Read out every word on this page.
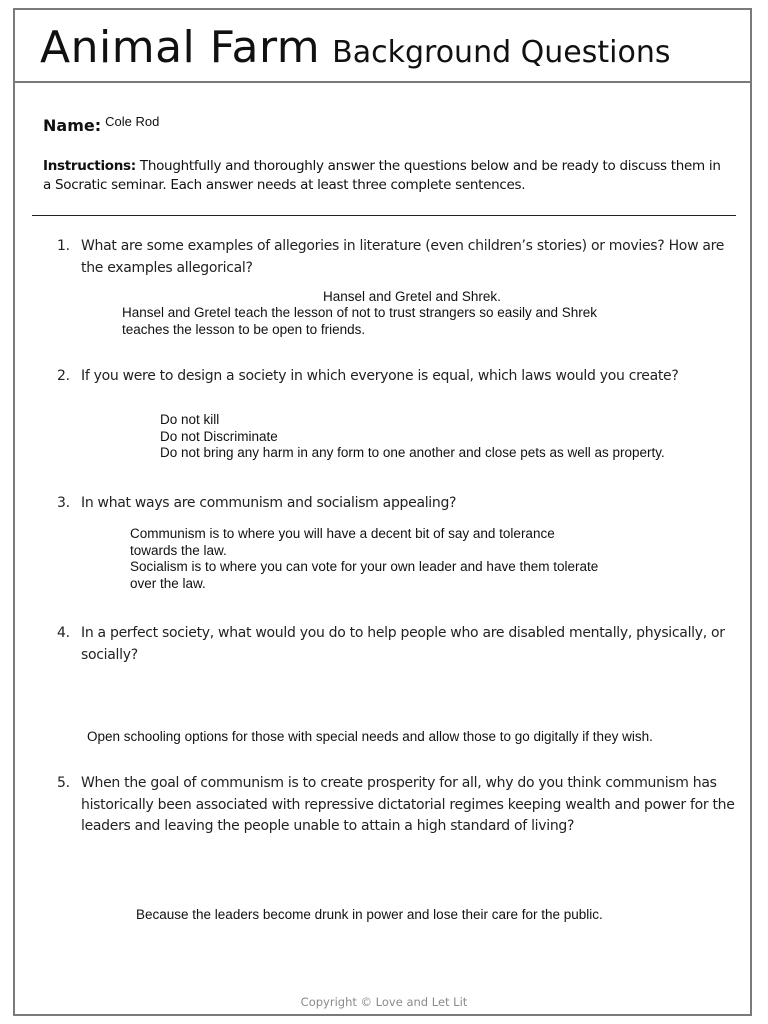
Animal Farm Background Questions
Name: $^{Cole Rod}$
Instructions: Thoughtfully and thoroughly answer the questions below and be ready to discuss them in a Socratic seminar. Each answer needs at least three complete sentences.
1. What are some examples of allegories in literature (even children’s stories) or movies? How are the examples allegorical?
Hansel and Gretel and Shrek.
Hansel and Gretel teach the lesson of not to trust strangers so easily and Shrek
teaches the lesson to be open to friends.
2. If you were to design a society in which everyone is equal, which laws would you create?
Do not kill
Do not Discriminate
Do not bring any harm in any form to one another and close pets as well as property.
3. In what ways are communism and socialism appealing?
Communism is to where you will have a decent bit of say and tolerance
towards the law.
Socialism is to where you can vote for your own leader and have them tolerate
over the law.
4. In a perfect society, what would you do to help people who are disabled mentally, physically, or socially?
Open schooling options for those with special needs and allow those to go digitally if they wish.
5. When the goal of communism is to create prosperity for all, why do you think communism has historically been associated with repressive dictatorial regimes keeping wealth and power for the leaders and leaving the people unable to attain a high standard of living?
Because the leaders become drunk in power and lose their care for the public.
Copyright © Love and Let Lit
